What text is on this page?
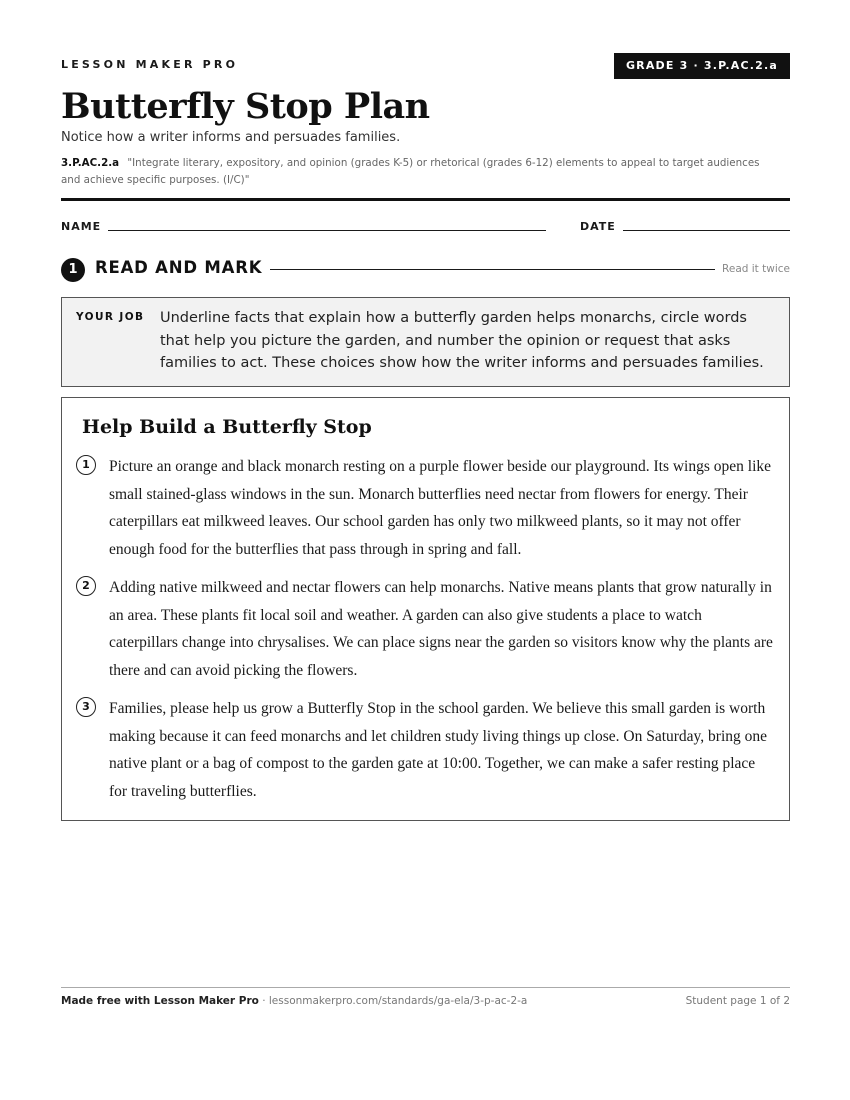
LESSON MAKER PRO	GRADE 3 · 3.P.AC.2.a
Butterfly Stop Plan
Notice how a writer informs and persuades families.
3.P.AC.2.a "Integrate literary, expository, and opinion (grades K-5) or rhetorical (grades 6-12) elements to appeal to target audiences and achieve specific purposes. (I/C)"
NAME	DATE
1	READ AND MARK	Read it twice
YOUR JOB Underline facts that explain how a butterfly garden helps monarchs, circle words that help you picture the garden, and number the opinion or request that asks families to act. These choices show how the writer informs and persuades families.
Help Build a Butterfly Stop
1	Picture an orange and black monarch resting on a purple flower beside our playground. Its wings open like small stained-glass windows in the sun. Monarch butterflies need nectar from flowers for energy. Their caterpillars eat milkweed leaves. Our school garden has only two milkweed plants, so it may not offer enough food for the butterflies that pass through in spring and fall.
2	Adding native milkweed and nectar flowers can help monarchs. Native means plants that grow naturally in an area. These plants fit local soil and weather. A garden can also give students a place to watch caterpillars change into chrysalises. We can place signs near the garden so visitors know why the plants are there and can avoid picking the flowers.
3	Families, please help us grow a Butterfly Stop in the school garden. We believe this small garden is worth making because it can feed monarchs and let children study living things up close. On Saturday, bring one native plant or a bag of compost to the garden gate at 10:00. Together, we can make a safer resting place for traveling butterflies.
Made free with Lesson Maker Pro · lessonmakerpro.com/standards/ga-ela/3-p-ac-2-a	Student page 1 of 2
